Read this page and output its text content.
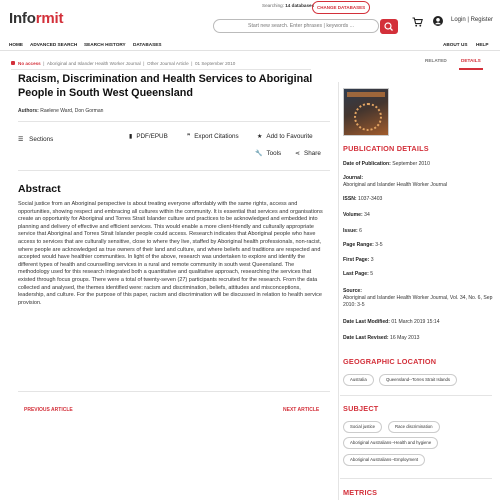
Informit
Searching: 14 databases CHANGE DATABASES
Start new search. Enter phrases | keywords ...
Login | Register
HOME ADVANCED SEARCH SEARCH HISTORY DATABASES	ABOUT US HELP
No access | Aboriginal and Islander Health Worker Journal | Other Journal Article | 01 September 2010
Racism, Discrimination and Health Services to Aboriginal People in South West Queensland
Authors: Raelene Ward, Don Gorman
☰ Sections	▮ PDF/EPUB	❞ Export Citations	★ Add to Favourite
🔧 Tools ⋖ Share
Abstract

Social justice from an Aboriginal perspective is about treating everyone affordably with the same rights, access and opportunities, showing respect and embracing all cultures within the community. It is essential that services and organisations create an opportunity for Aboriginal and Torres Strait Islander culture and practices to be acknowledged and embedded into planning and delivery of effective and efficient services. This would enable a more client-friendly and culturally appropriate service that Aboriginal and Torres Strait Islander people could access. Research indicates that Aboriginal people who have access to services that are culturally sensitive, close to where they live, staffed by Aboriginal health professionals, non-racist, where people are acknowledged as true owners of their land and culture, and where beliefs and traditions are respected and accepted would have healthier communities. In light of the above, research was undertaken to explore and identify the different types of health and counselling services in a rural and remote community in south west Queensland. The methodology used for this research integrated both a quantitative and qualitative approach, researching the services that existed through focus groups. There were a total of twenty-seven (27) participants recruited for the research. From the data collected and analysed, the themes identified were: racism and discrimination, beliefs, attitudes and misconceptions, leadership, and culture. For the purpose of this paper, racism and discrimination will be discussed in relation to health service provision.

PREVIOUS ARTICLE	NEXT ARTICLE
RELATED	DETAILS
PUBLICATION DETAILS
Date of Publication: September 2010
Journal:
Aboriginal and Islander Health Worker Journal
ISSN: 1037-3403
Volume: 34
Issue: 6
Page Range: 3-5
First Page: 3
Last Page: 5
Source:
Aboriginal and Islander Health Worker Journal, Vol. 34, No. 6, Sep 2010: 3-5
Date Last Modified: 01 March 2019 15:14
Date Last Revised: 16 May 2013
GEOGRAPHIC LOCATION
Australia	Queensland--Torres Strait Islands
SUBJECT
Social justice	Race discrimination
Aboriginal Australians--Health and hygiene
Aboriginal Australians--Employment
METRICS
